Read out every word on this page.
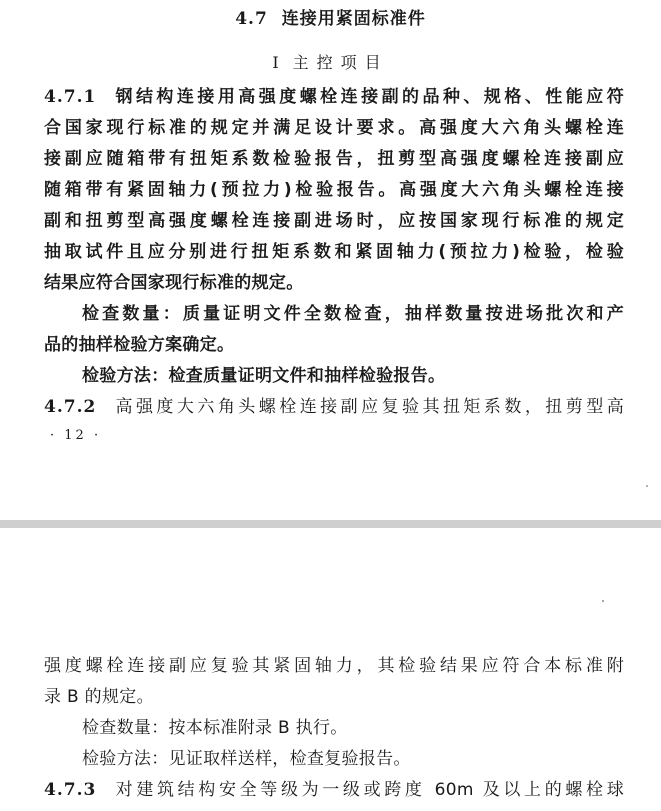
4.7 连接用紧固标准件
I 主控项目
4.7.1 钢结构连接用高强度螺栓连接副的品种、规格、性能应符
合国家现行标准的规定并满足设计要求。高强度大六角头螺栓连
接副应随箱带有扭矩系数检验报告，扭剪型高强度螺栓连接副应
随箱带有紧固轴力(预拉力)检验报告。高强度大六角头螺栓连接
副和扭剪型高强度螺栓连接副进场时，应按国家现行标准的规定
抽取试件且应分别进行扭矩系数和紧固轴力(预拉力)检验，检验
结果应符合国家现行标准的规定。
检查数量：质量证明文件全数检查，抽样数量按进场批次和产
品的抽样检验方案确定。
检验方法：检查质量证明文件和抽样检验报告。
4.7.2 高强度大六角头螺栓连接副应复验其扭矩系数，扭剪型高
· 12 ·
强度螺栓连接副应复验其紧固轴力，其检验结果应符合本标准附
录 B 的规定。
检查数量：按本标准附录 B 执行。
检验方法：见证取样送样，检查复验报告。
4.7.3 对建筑结构安全等级为一级或跨度 60m 及以上的螺栓球
